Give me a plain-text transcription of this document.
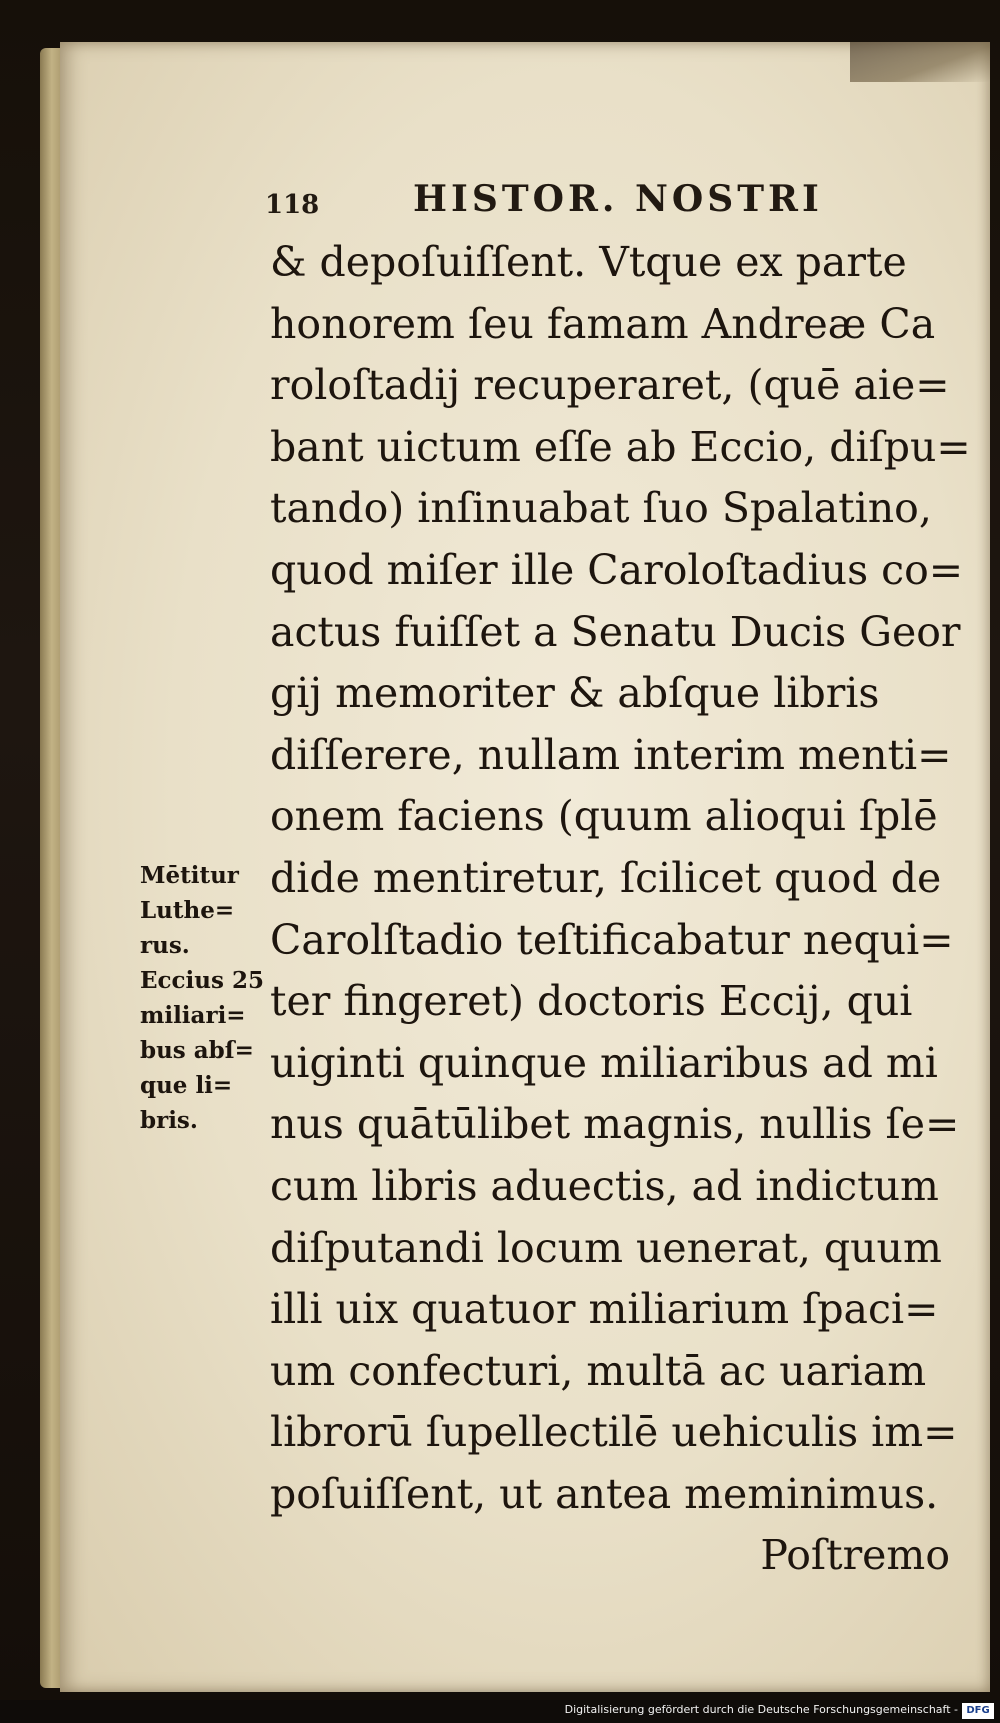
118	HISTOR. NOSTRI
& depoſuiſſent. Vtque ex parte
honorem ſeu famam Andreæ Ca
roloſtadij recuperaret, (quē aie=
bant uictum eſſe ab Eccio, diſpu=
tando) inſinuabat ſuo Spalatino,
quod miſer ille Caroloſtadius co=
actus fuiſſet a Senatu Ducis Geor
gij memoriter & abſque libris
diſſerere, nullam interim menti=
onem faciens (quum alioqui ſplē
dide mentiretur, ſcilicet quod de
Carolſtadio teſtificabatur nequi=
ter fingeret) doctoris Eccij, qui
uiginti quinque miliaribus ad mi
nus quātūlibet magnis, nullis ſe=
cum libris aduectis, ad indictum
diſputandi locum uenerat, quum
illi uix quatuor miliarium ſpaci=
um confecturi, multā ac uariam
librorū ſupellectilē uehiculis im=
poſuiſſent, ut antea meminimus.
Poſtremo
Mētitur
Luthe=
rus.
Eccius 25
miliari=
bus abſ=
que li=
bris.
Digitalisierung gefördert durch die Deutsche Forschungsgemeinschaft - DFG
